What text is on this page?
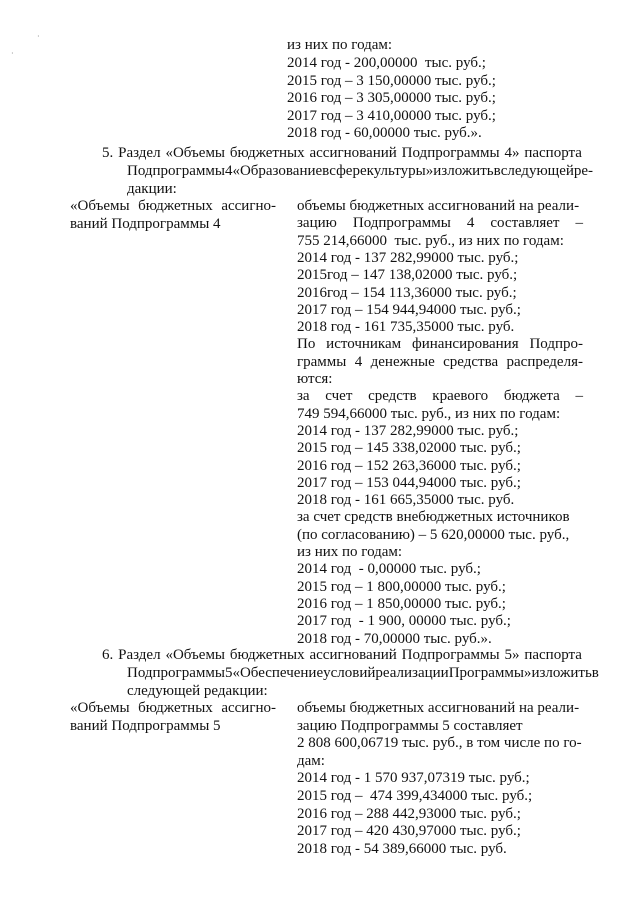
·
·
из них по годам:
2014 год - 200,00000  тыс. руб.;
2015 год – 3 150,00000 тыс. руб.;
2016 год – 3 305,00000 тыс. руб.;
2017 год – 3 410,00000 тыс. руб.;
2018 год - 60,00000 тыс. руб.».
5. Раздел «Объемы бюджетных ассигнований Подпрограммы 4» паспорта
Подпрограммы 4 «Образование в сфере культуры» изложить в следующей ре-
дакции:
«Объемы бюджетных ассигно-
ваний Подпрограммы 4
объемы бюджетных ассигнований на реали-
зацию Подпрограммы 4 составляет –
755 214,66000  тыс. руб., из них по годам:
2014 год - 137 282,99000 тыс. руб.;
2015год – 147 138,02000 тыс. руб.;
2016год – 154 113,36000 тыс. руб.;
2017 год – 154 944,94000 тыс. руб.;
2018 год - 161 735,35000 тыс. руб.
По источникам финансирования Подпро-
граммы 4 денежные средства распределя-
ются:
за счет средств краевого бюджета –
749 594,66000 тыс. руб., из них по годам:
2014 год - 137 282,99000 тыс. руб.;
2015 год – 145 338,02000 тыс. руб.;
2016 год – 152 263,36000 тыс. руб.;
2017 год – 153 044,94000 тыс. руб.;
2018 год - 161 665,35000 тыс. руб.
за счет средств внебюджетных источников
(по согласованию) – 5 620,00000 тыс. руб.,
из них по годам:
2014 год  - 0,00000 тыс. руб.;
2015 год – 1 800,00000 тыс. руб.;
2016 год – 1 850,00000 тыс. руб.;
2017 год  - 1 900, 00000 тыс. руб.;
2018 год - 70,00000 тыс. руб.».
6. Раздел «Объемы бюджетных ассигнований Подпрограммы 5» паспорта
Подпрограммы 5 «Обеспечение условий реализации Программы» изложить в
следующей редакции:
«Объемы бюджетных ассигно-
ваний Подпрограммы 5
объемы бюджетных ассигнований на реали-
зацию Подпрограммы 5 составляет
2 808 600,06719 тыс. руб., в том числе по го-
дам:
2014 год - 1 570 937,07319 тыс. руб.;
2015 год –  474 399,434000 тыс. руб.;
2016 год – 288 442,93000 тыс. руб.;
2017 год – 420 430,97000 тыс. руб.;
2018 год - 54 389,66000 тыс. руб.
